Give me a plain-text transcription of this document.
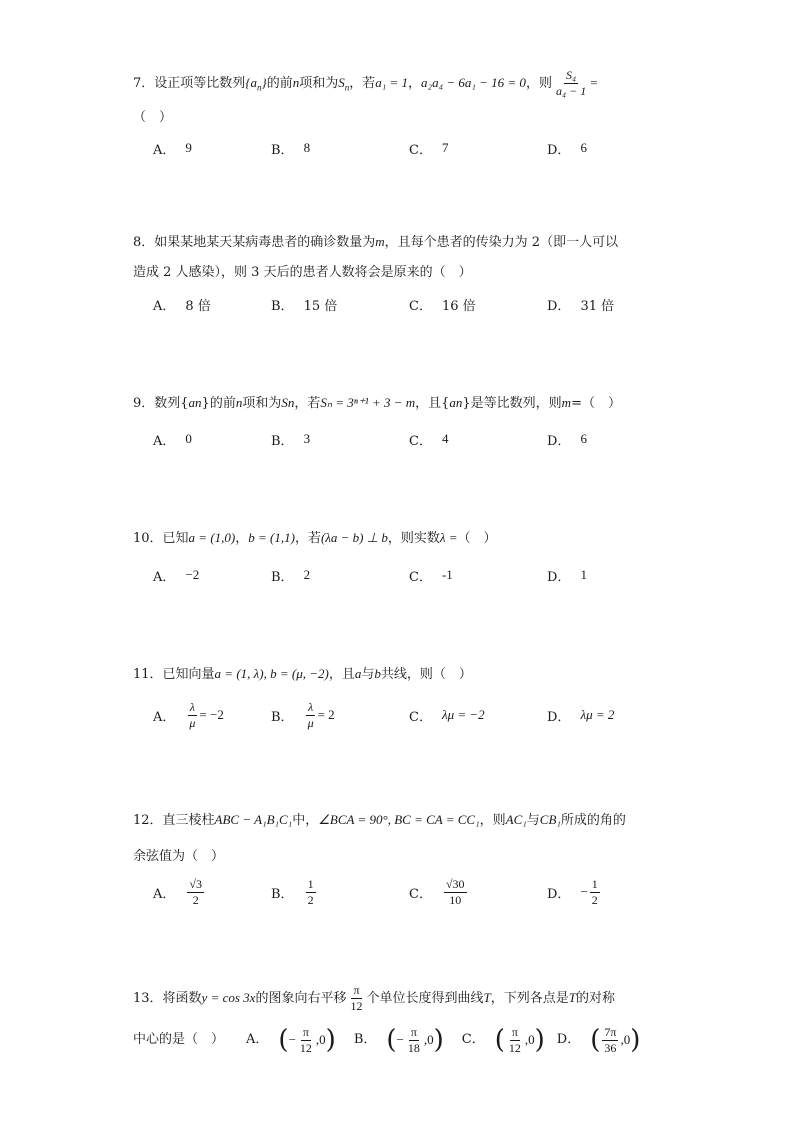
7．设正项等比数列$\{a_n\}$的前n项和为$S_n$，若a₁ = 1，a₂a₄ − 6a₁ − 16 = 0，则 $\frac{\text{S₄}}{\text{a₄ − 1}}$ =
（　）
A． 9	B． 8	C． 7	D． 6
8．如果某地某天某病毒患者的确诊数量为m，且每个患者的传染力为 2（即一人可以
造成 2 人感染），则 3 天后的患者人数将会是原来的（　）
A． 8 倍	B． 15 倍	C． 16 倍	D． 31 倍
9．数列{an}的前n项和为Sn，若Sₙ = 3ⁿ⁺¹ + 3 − m，且{an}是等比数列，则m=（　）
A． 0	B． 3	C． 4	D． 6
10．已知a = (1,0)，b = (1,1)，若(λa − b) ⊥ b，则实数λ =（　）
A． −2	B． 2	C． -1	D． 1
11．已知向量a = (1, λ), b = (μ, −2)，且a与b共线，则（　）
A． $\frac{\lambda}{\mu} = -2$	B． $\frac{\lambda}{\mu} = 2$	C． λμ = −2	D． λμ = 2
12．直三棱柱ABC − A₁B₁C₁中，∠BCA = 90°, BC = CA = CC₁，则AC₁与CB₁所成的角的
余弦值为（　）
A． $\frac{√3}{2}$	B． $\frac{1}{2}$	C． $\frac{√30}{10}$	D． − $\frac{1}{2}$
13．将函数y = cos 3x的图象向右平移 $\frac{\pi}{12}$ 个单位长度得到曲线T，下列各点是T的对称
中心的是（　） A． ( − $\frac{\pi}{12} ,0$ ) B． ( − $\frac{\pi}{18} ,0$ ) C． ( $\frac{\pi}{12} ,0$ ) D． ( $\frac{7\pi}{36} ,0$ )
